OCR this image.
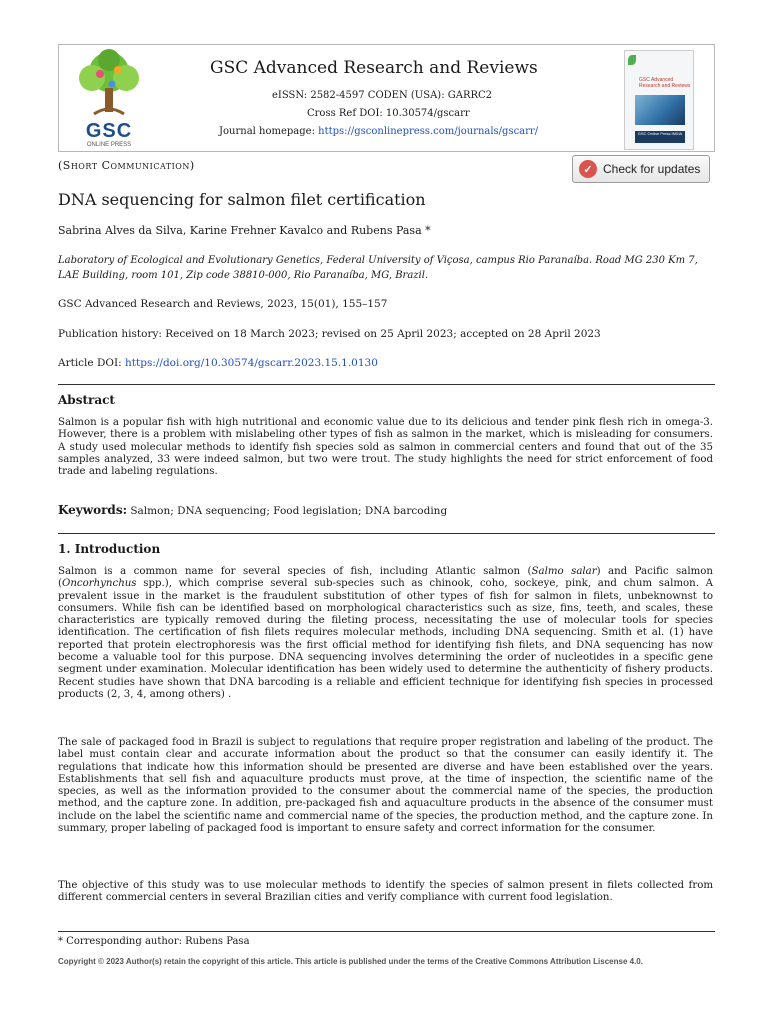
GSC
ONLINE PRESS
GSC Advanced Research and Reviews
eISSN: 2582-4597 CODEN (USA): GARRC2
Cross Ref DOI: 10.30574/gscarr
Journal homepage: https://gsconlinepress.com/journals/gscarr/
GSC Advanced Research and Reviews
GSC Online Press INDIA
(Short Communication)	✓ Check for updates
DNA sequencing for salmon filet certification
Sabrina Alves da Silva, Karine Frehner Kavalco and Rubens Pasa *
Laboratory of Ecological and Evolutionary Genetics, Federal University of Viçosa, campus Rio Paranaíba. Road MG 230 Km 7, LAE Building, room 101, Zip code 38810-000, Rio Paranaíba, MG, Brazil.
GSC Advanced Research and Reviews, 2023, 15(01), 155–157
Publication history: Received on 18 March 2023; revised on 25 April 2023; accepted on 28 April 2023
Article DOI: https://doi.org/10.30574/gscarr.2023.15.1.0130
Abstract
Salmon is a popular fish with high nutritional and economic value due to its delicious and tender pink flesh rich in omega-3. However, there is a problem with mislabeling other types of fish as salmon in the market, which is misleading for consumers. A study used molecular methods to identify fish species sold as salmon in commercial centers and found that out of the 35 samples analyzed, 33 were indeed salmon, but two were trout. The study highlights the need for strict enforcement of food trade and labeling regulations.
Keywords: Salmon; DNA sequencing; Food legislation; DNA barcoding
1. Introduction
Salmon is a common name for several species of fish, including Atlantic salmon (Salmo salar) and Pacific salmon (Oncorhynchus spp.), which comprise several sub-species such as chinook, coho, sockeye, pink, and chum salmon. A prevalent issue in the market is the fraudulent substitution of other types of fish for salmon in filets, unbeknownst to consumers. While fish can be identified based on morphological characteristics such as size, fins, teeth, and scales, these characteristics are typically removed during the fileting process, necessitating the use of molecular tools for species identification. The certification of fish filets requires molecular methods, including DNA sequencing. Smith et al. (1) have reported that protein electrophoresis was the first official method for identifying fish filets, and DNA sequencing has now become a valuable tool for this purpose. DNA sequencing involves determining the order of nucleotides in a specific gene segment under examination. Molecular identification has been widely used to determine the authenticity of fishery products. Recent studies have shown that DNA barcoding is a reliable and efficient technique for identifying fish species in processed products (2, 3, 4, among others) .
The sale of packaged food in Brazil is subject to regulations that require proper registration and labeling of the product. The label must contain clear and accurate information about the product so that the consumer can easily identify it. The regulations that indicate how this information should be presented are diverse and have been established over the years. Establishments that sell fish and aquaculture products must prove, at the time of inspection, the scientific name of the species, as well as the information provided to the consumer about the commercial name of the species, the production method, and the capture zone. In addition, pre-packaged fish and aquaculture products in the absence of the consumer must include on the label the scientific name and commercial name of the species, the production method, and the capture zone. In summary, proper labeling of packaged food is important to ensure safety and correct information for the consumer.
The objective of this study was to use molecular methods to identify the species of salmon present in filets collected from different commercial centers in several Brazilian cities and verify compliance with current food legislation.
* Corresponding author: Rubens Pasa
Copyright © 2023 Author(s) retain the copyright of this article. This article is published under the terms of the Creative Commons Attribution Liscense 4.0.
